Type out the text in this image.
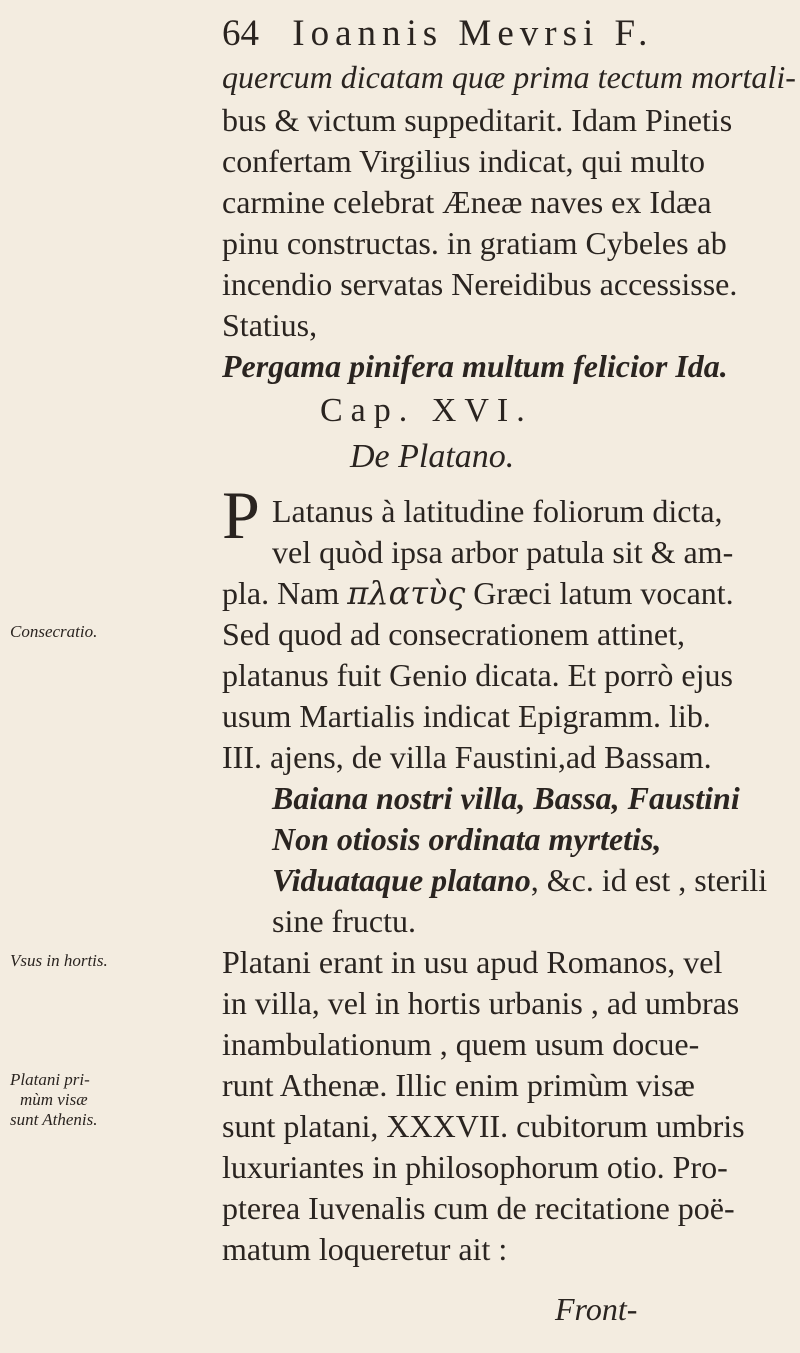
64 Ioannis Mevrsi F.
quercum dicatam quæ prima tectum mortali-
bus & victum suppeditarit. Idam Pinetis
confertam Virgilius indicat, qui multo
carmine celebrat Æneæ naves ex Idæa
pinu constructas. in gratiam Cybeles ab
incendio servatas Nereidibus accessisse.
Statius,
Pergama pinifera multum felicior Ida.
Cap. XVI.
De Platano.
P Latanus à latitudine foliorum dicta,
vel quòd ipsa arbor patula sit & am-
pla. Nam πλατὺς Græci latum vocant.
Sed quod ad consecrationem attinet,
platanus fuit Genio dicata. Et porrò ejus
usum Martialis indicat Epigramm. lib.
III. ajens, de villa Faustini,ad Bassam.
Baiana nostri villa, Bassa, Faustini
Non otiosis ordinata myrtetis,
Viduataque platano, &c. id est , sterili
sine fructu.
Platani erant in usu apud Romanos, vel
in villa, vel in hortis urbanis , ad umbras
inambulationum , quem usum docue-
runt Athenæ. Illic enim primùm visæ
sunt platani, XXXVII. cubitorum umbris
luxuriantes in philosophorum otio. Pro-
pterea Iuvenalis cum de recitatione poë-
matum loqueretur ait :
Front-
Consecratio.
Vsus in hortis.
Platani pri-
mùm visæ
sunt Athenis.
